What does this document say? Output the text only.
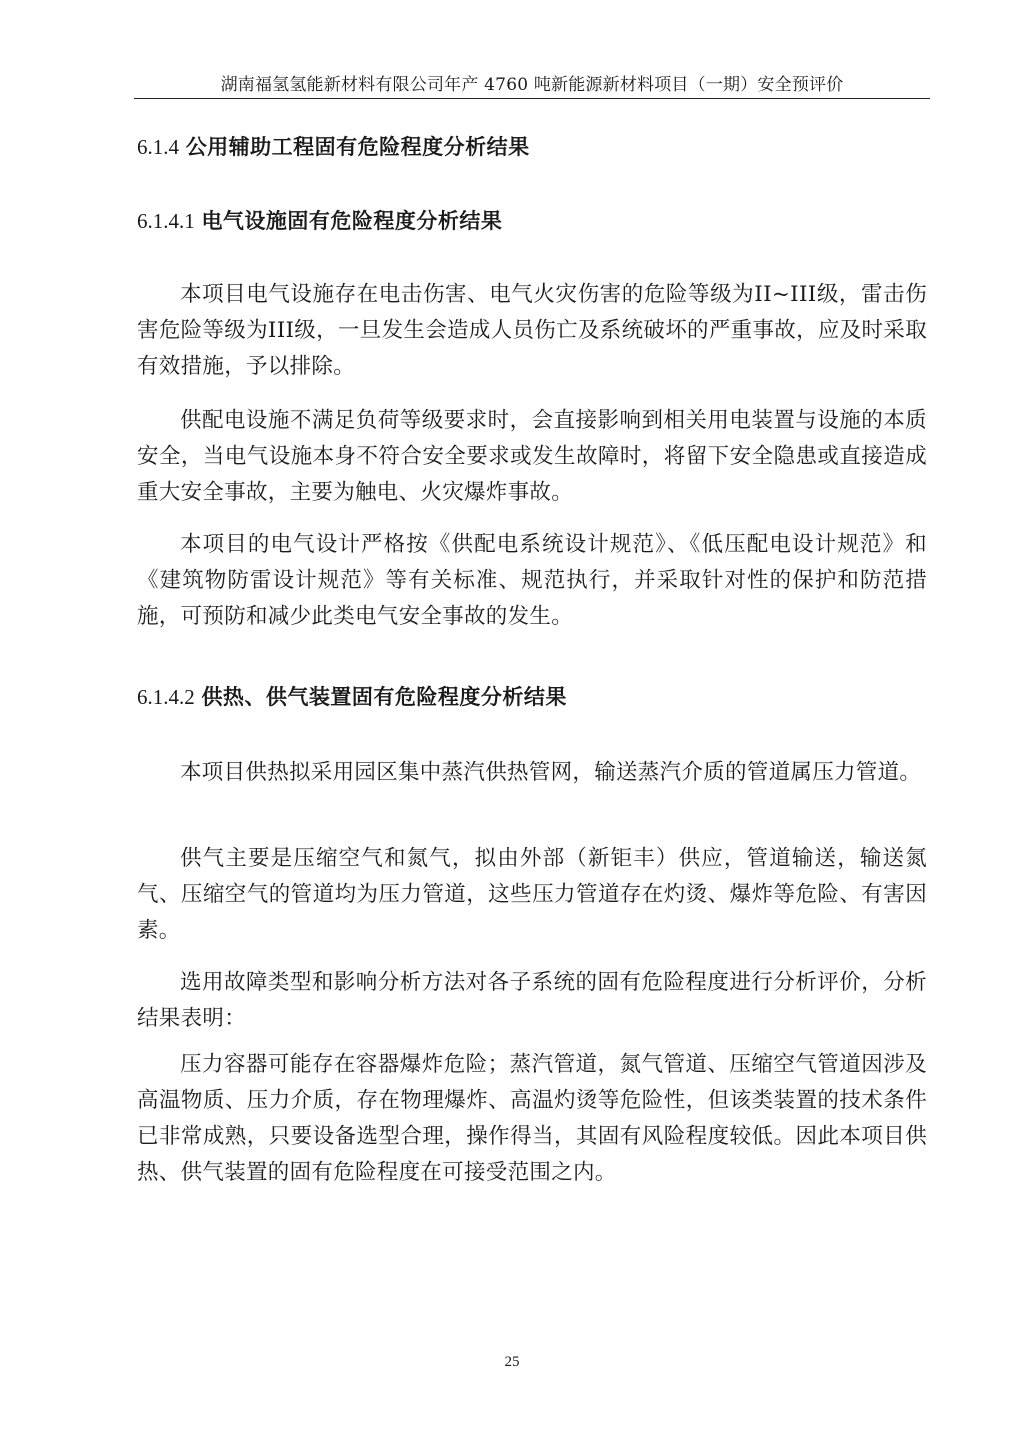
湖南福氢氢能新材料有限公司年产 4760 吨新能源新材料项目（一期）安全预评价
6.1.4 公用辅助工程固有危险程度分析结果
6.1.4.1 电气设施固有危险程度分析结果

本项目电气设施存在电击伤害、电气火灾伤害的危险等级为II~III级，雷击伤害危险等级为III级，一旦发生会造成人员伤亡及系统破坏的严重事故，应及时采取有效措施，予以排除。

供配电设施不满足负荷等级要求时，会直接影响到相关用电装置与设施的本质安全，当电气设施本身不符合安全要求或发生故障时，将留下安全隐患或直接造成重大安全事故，主要为触电、火灾爆炸事故。

本项目的电气设计严格按《供配电系统设计规范》、《低压配电设计规范》和《建筑物防雷设计规范》等有关标准、规范执行，并采取针对性的保护和防范措施，可预防和减少此类电气安全事故的发生。

6.1.4.2 供热、供气装置固有危险程度分析结果

本项目供热拟采用园区集中蒸汽供热管网，输送蒸汽介质的管道属压力管道。

供气主要是压缩空气和氮气，拟由外部（新钜丰）供应，管道输送，输送氮气、压缩空气的管道均为压力管道，这些压力管道存在灼烫、爆炸等危险、有害因素。

选用故障类型和影响分析方法对各子系统的固有危险程度进行分析评价，分析结果表明：

压力容器可能存在容器爆炸危险；蒸汽管道，氮气管道、压缩空气管道因涉及高温物质、压力介质，存在物理爆炸、高温灼烫等危险性，但该类装置的技术条件已非常成熟，只要设备选型合理，操作得当，其固有风险程度较低。因此本项目供热、供气装置的固有危险程度在可接受范围之内。

25
